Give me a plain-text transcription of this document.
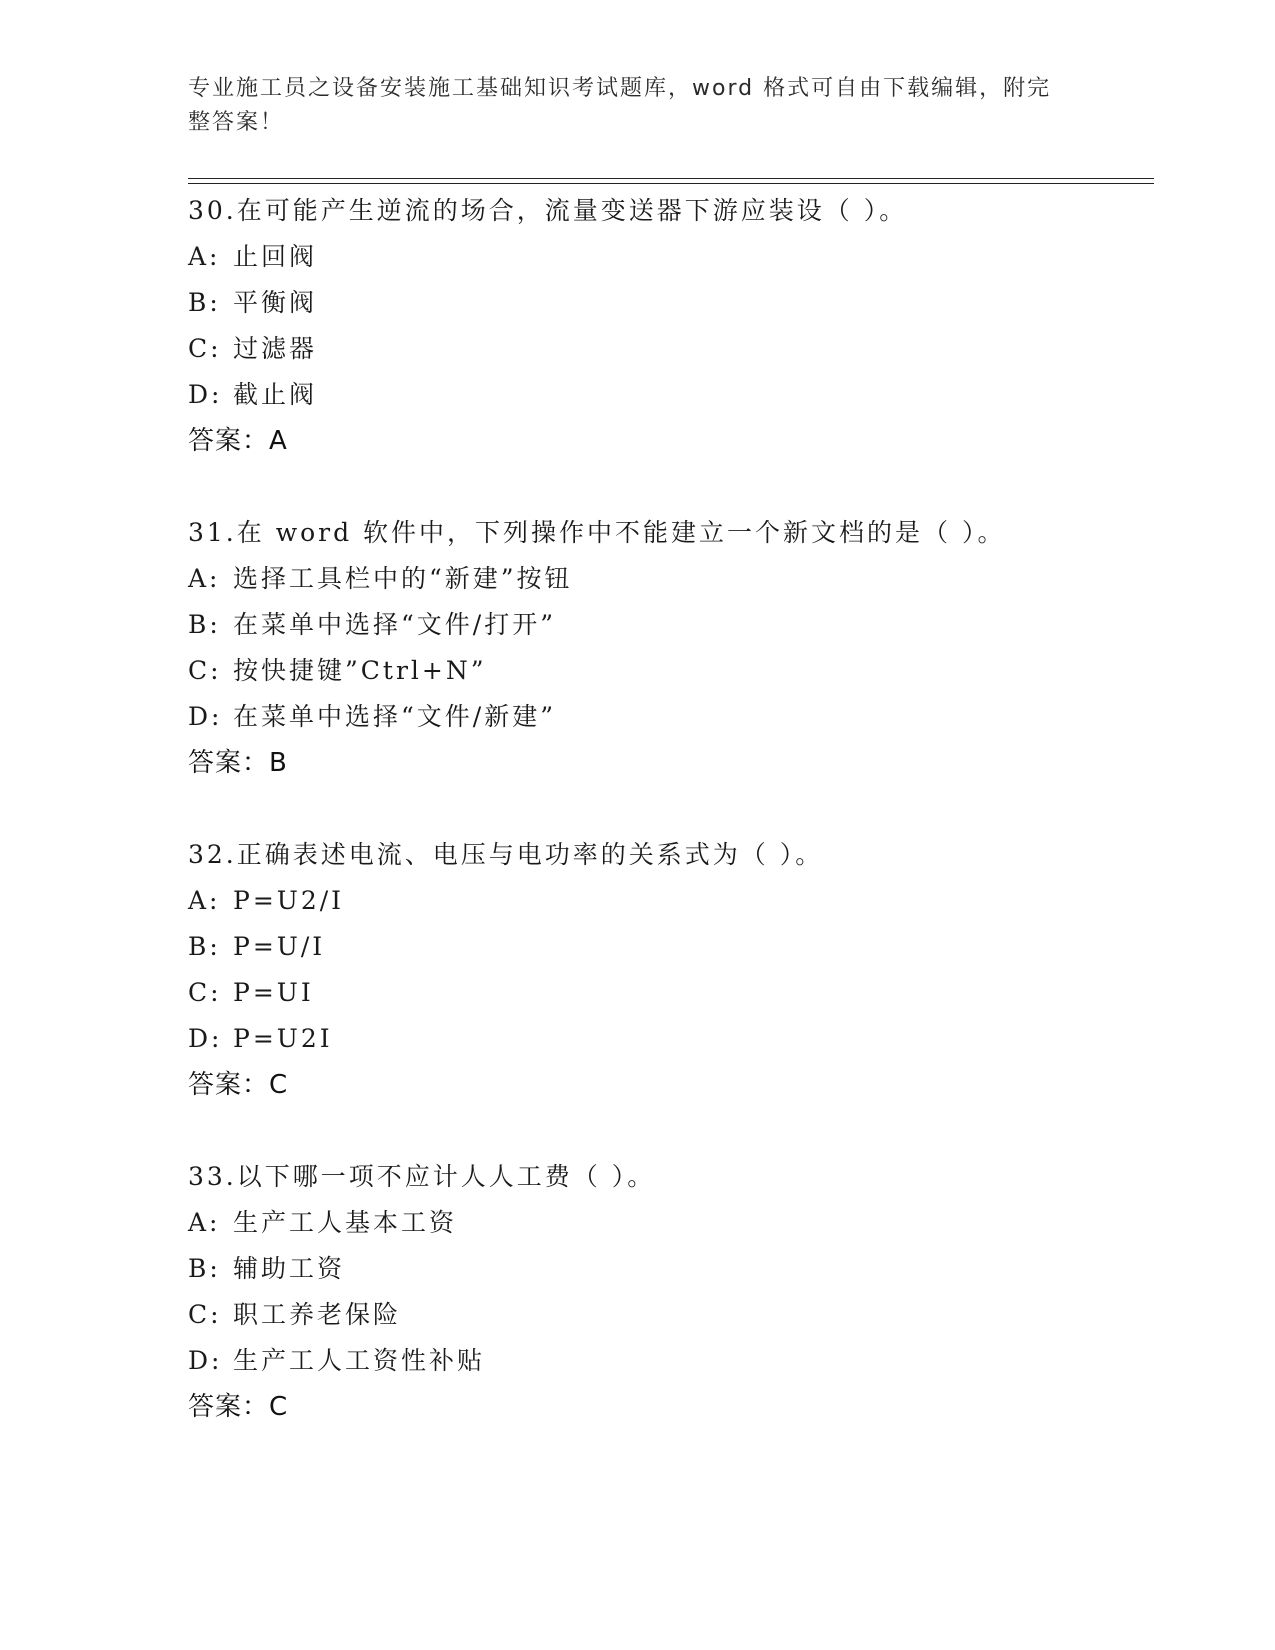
专业施工员之设备安装施工基础知识考试题库，word 格式可自由下载编辑，附完整答案！
30.在可能产生逆流的场合，流量变送器下游应装设（ ）。
A: 止回阀
B: 平衡阀
C: 过滤器
D: 截止阀
答案：A
31.在 word 软件中，下列操作中不能建立一个新文档的是（ ）。
A: 选择工具栏中的“新建”按钮
B: 在菜单中选择“文件/打开”
C: 按快捷键”Ctrl+N”
D: 在菜单中选择“文件/新建”
答案：B
32.正确表述电流、电压与电功率的关系式为（ ）。
A: P=U2/I
B: P=U/I
C: P=UI
D: P=U2I
答案：C
33.以下哪一项不应计人人工费（ ）。
A: 生产工人基本工资
B: 辅助工资
C: 职工养老保险
D: 生产工人工资性补贴
答案：C
